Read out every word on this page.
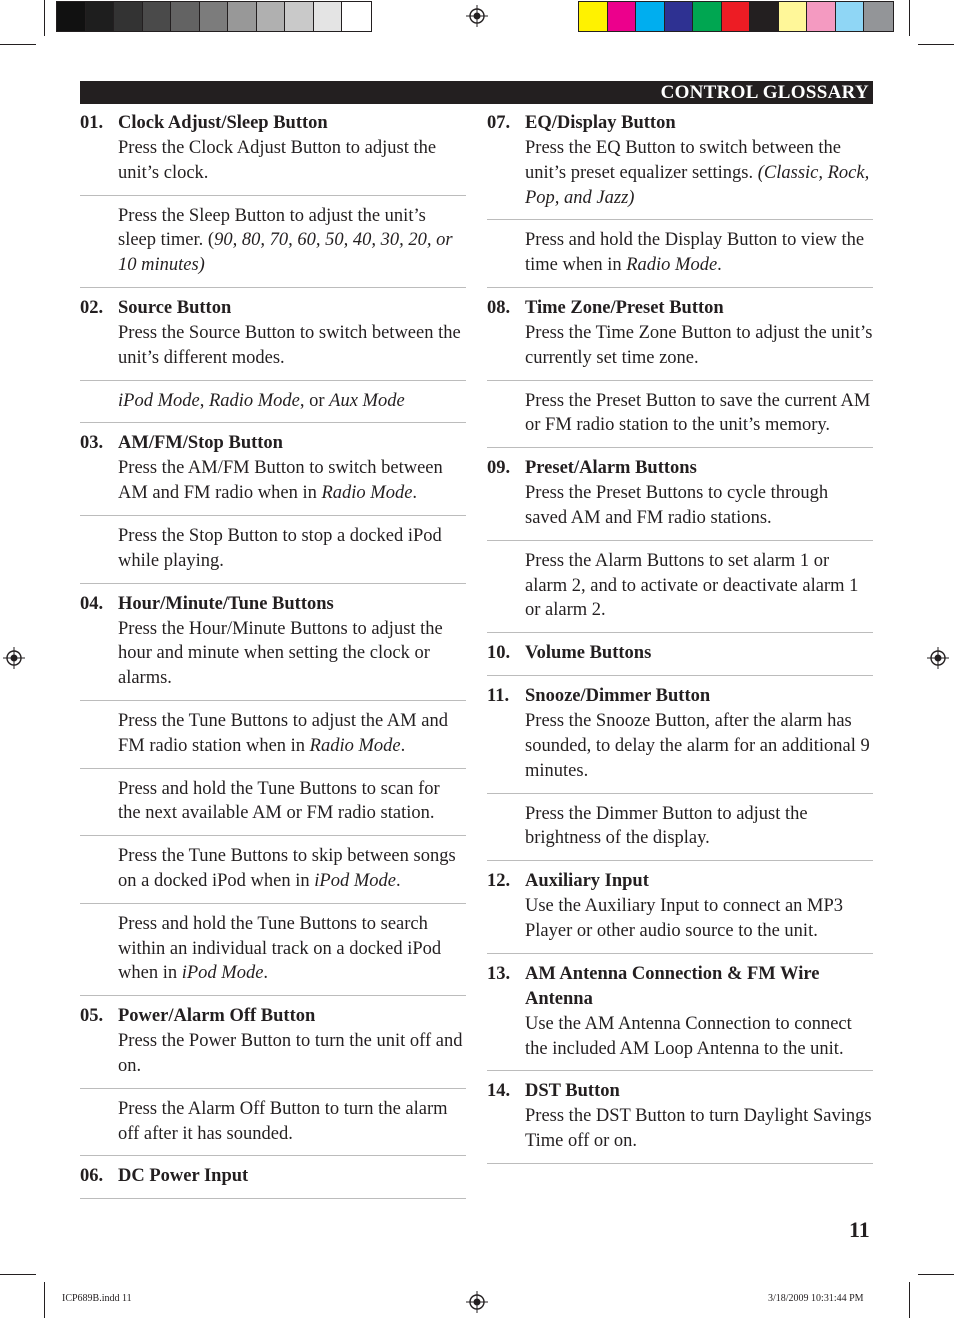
CONTROL GLOSSARY
01. Clock Adjust/Sleep Button
Press the Clock Adjust Button to adjust the unit’s clock.
Press the Sleep Button to adjust the unit’s sleep timer. (90, 80, 70, 60, 50, 40, 30, 20, or 10 minutes)
02. Source Button
Press the Source Button to switch between the unit’s different modes.
iPod Mode, Radio Mode, or Aux Mode
03. AM/FM/Stop Button
Press the AM/FM Button to switch between AM and FM radio when in Radio Mode.
Press the Stop Button to stop a docked iPod while playing.
04. Hour/Minute/Tune Buttons
Press the Hour/Minute Buttons to adjust the hour and minute when setting the clock or alarms.
Press the Tune Buttons to adjust the AM and FM radio station when in Radio Mode.
Press and hold the Tune Buttons to scan for the next available AM or FM radio station.
Press the Tune Buttons to skip between songs on a docked iPod when in iPod Mode.
Press and hold the Tune Buttons to search within an individual track on a docked iPod when in iPod Mode.
05. Power/Alarm Off Button
Press the Power Button to turn the unit off and on.
Press the Alarm Off Button to turn the alarm off after it has sounded.
06. DC Power Input
07. EQ/Display Button
Press the EQ Button to switch between the unit’s preset equalizer settings. (Classic, Rock, Pop, and Jazz)
Press and hold the Display Button to view the time when in Radio Mode.
08. Time Zone/Preset Button
Press the Time Zone Button to adjust the unit’s currently set time zone.
Press the Preset Button to save the current AM or FM radio station to the unit’s memory.
09. Preset/Alarm Buttons
Press the Preset Buttons to cycle through saved AM and FM radio stations.
Press the Alarm Buttons to set alarm 1 or alarm 2, and to activate or deactivate alarm 1 or alarm 2.
10. Volume Buttons
11. Snooze/Dimmer Button
Press the Snooze Button, after the alarm has sounded, to delay the alarm for an additional 9 minutes.
Press the Dimmer Button to adjust the brightness of the display.
12. Auxiliary Input
Use the Auxiliary Input to connect an MP3 Player or other audio source to the unit.
13. AM Antenna Connection & FM Wire Antenna
Use the AM Antenna Connection to connect the included AM Loop Antenna to the unit.
14. DST Button
Press the DST Button to turn Daylight Savings Time off or on.
11
ICP689B.indd 11	3/18/2009 10:31:44 PM
